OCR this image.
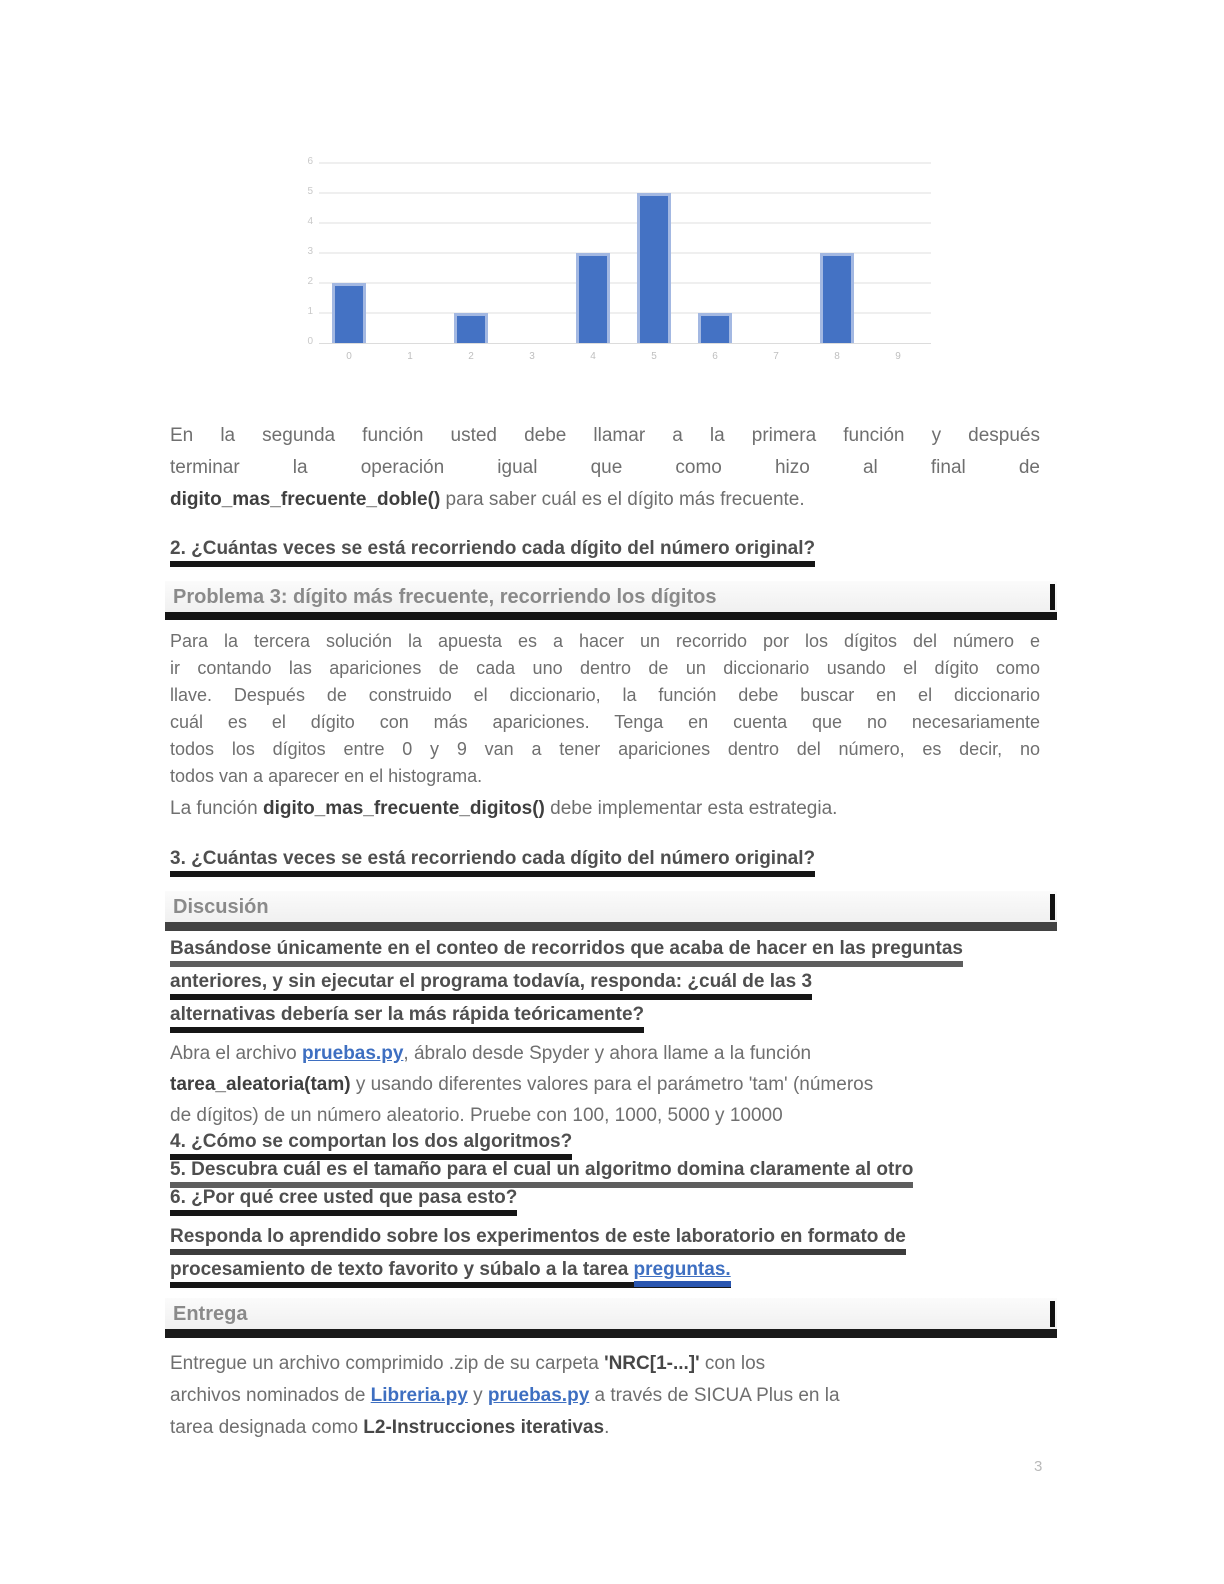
0
1
2
3
4
5
6
0	1	2	3	4	5	6	7	8	9
En la segunda función usted debe llamar a la primera función y después
terminar la operación igual que como hizo al final de
digito_mas_frecuente_doble() para saber cuál es el dígito más frecuente.
2. ¿Cuántas veces se está recorriendo cada dígito del número original?
Problema 3: dígito más frecuente, recorriendo los dígitos
Para la tercera solución la apuesta es a hacer un recorrido por los dígitos del número e
ir contando las apariciones de cada uno dentro de un diccionario usando el dígito como
llave. Después de construido el diccionario, la función debe buscar en el diccionario
cuál es el dígito con más apariciones. Tenga en cuenta que no necesariamente
todos los dígitos entre 0 y 9 van a tener apariciones dentro del número, es decir, no
todos van a aparecer en el histograma.
La función digito_mas_frecuente_digitos() debe implementar esta estrategia.
3. ¿Cuántas veces se está recorriendo cada dígito del número original?
Discusión
Basándose únicamente en el conteo de recorridos que acaba de hacer en las preguntas
anteriores, y sin ejecutar el programa todavía, responda: ¿cuál de las 3
alternativas debería ser la más rápida teóricamente?
Abra el archivo pruebas.py, ábralo desde Spyder y ahora llame a la función
tarea_aleatoria(tam) y usando diferentes valores para el parámetro 'tam' (números
de dígitos) de un número aleatorio. Pruebe con 100, 1000, 5000 y 10000
4. ¿Cómo se comportan los dos algoritmos?
5. Descubra cuál es el tamaño para el cual un algoritmo domina claramente al otro
6. ¿Por qué cree usted que pasa esto?
Responda lo aprendido sobre los experimentos de este laboratorio en formato de
procesamiento de texto favorito y súbalo a la tarea preguntas.
Entrega
Entregue un archivo comprimido .zip de su carpeta 'NRC[1-...]' con los
archivos nominados de Libreria.py y pruebas.py a través de SICUA Plus en la
tarea designada como L2-Instrucciones iterativas.
3
